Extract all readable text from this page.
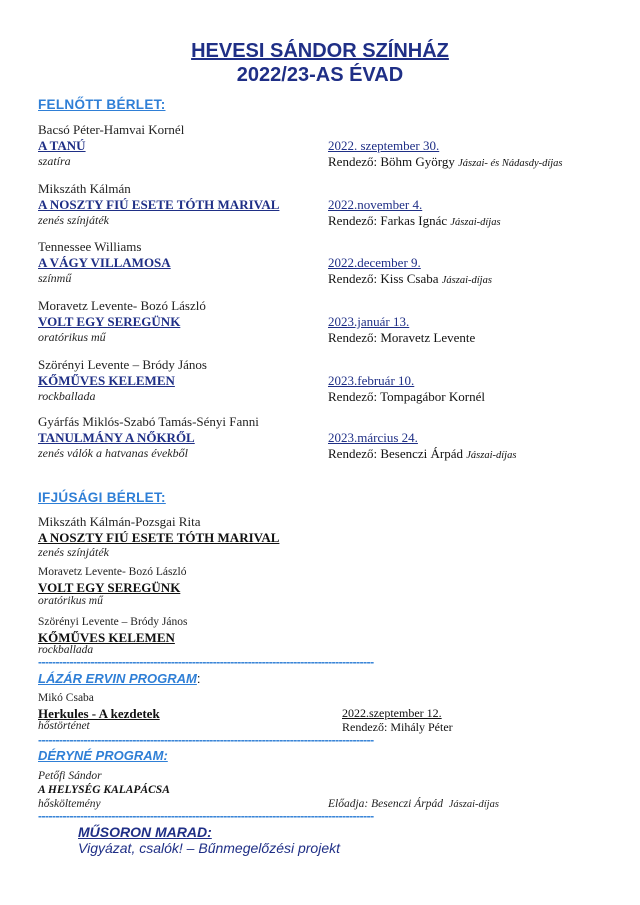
HEVESI SÁNDOR SZÍNHÁZ
2022/23-AS ÉVAD
FELNŐTT BÉRLET:
Bacsó Péter-Hamvai Kornél
A TANÚ
szatíra
2022. szeptember 30.
Rendező: Böhm György Jászai- és Nádasdy-díjas
Mikszáth Kálmán
A NOSZTY FIÚ ESETE TÓTH MARIVAL
zenés színjáték
2022.november 4.
Rendező: Farkas Ignác Jászai-díjas
Tennessee Williams
A VÁGY VILLAMOSA
színmű
2022.december 9.
Rendező: Kiss Csaba Jászai-díjas
Moravetz Levente- Bozó László
VOLT EGY SEREGÜNK
oratórikus mű
2023.január 13.
Rendező: Moravetz Levente
Szörényi Levente – Bródy János
KŐMŰVES KELEMEN
rockballada
2023.február 10.
Rendező: Tompagábor Kornél
Gyárfás Miklós-Szabó Tamás-Sényi Fanni
TANULMÁNY A NŐKRŐL
zenés válók a hatvanas évekből
2023.március 24.
Rendező: Besenczi Árpád Jászai-díjas
IFJÚSÁGI BÉRLET:
Mikszáth Kálmán-Pozsgai Rita
A NOSZTY FIÚ ESETE TÓTH MARIVAL
zenés színjáték
Moravetz Levente- Bozó László
VOLT EGY SEREGÜNK
oratórikus mű
Szörényi Levente – Bródy János
KŐMŰVES KELEMEN
rockballada
------------------------------------------------------------------------------------------------
LÁZÁR ERVIN PROGRAM:
Mikó Csaba
Herkules - A kezdetek
hőstörténet
2022.szeptember 12.
Rendező: Mihály Péter
------------------------------------------------------------------------------------------------
DÉRYNÉ PROGRAM:
Petőfi Sándor
A HELYSÉG KALAPÁCSA
hősköltemény	Előadja: Besenczi Árpád Jászai-díjas
------------------------------------------------------------------------------------------------
MŰSORON MARAD:
Vigyázat, csalók! – Bűnmegelőzési projekt
